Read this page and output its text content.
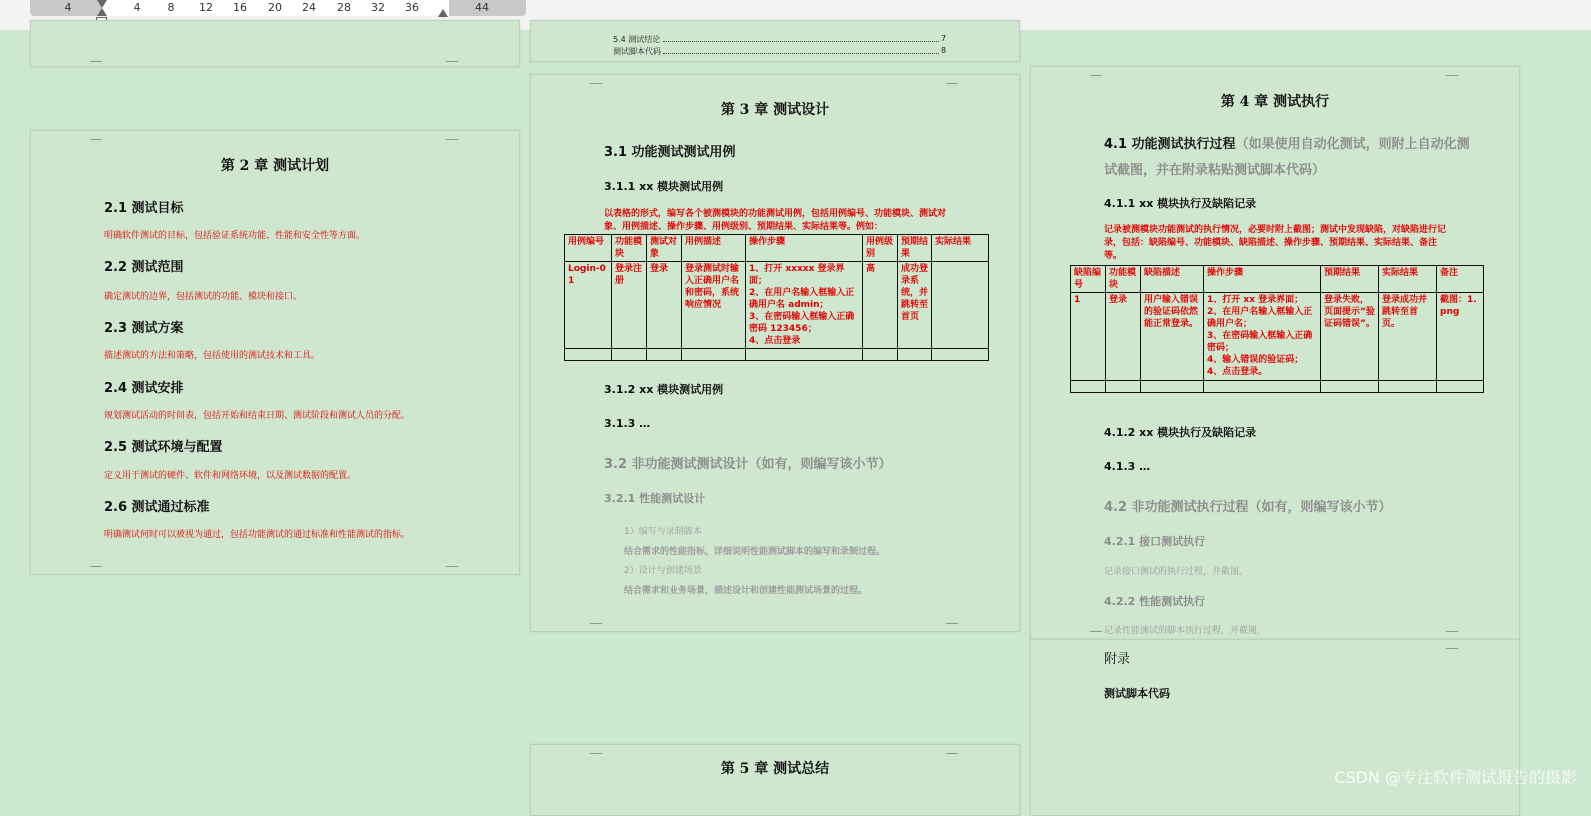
4	4 8 12 16 20 24 28 32 36	44
5.4 测试结论	7
测试脚本代码	8
第 2 章 测试计划
2.1 测试目标
明确软件测试的目标，包括验证系统功能、性能和安全性等方面。
2.2 测试范围
确定测试的边界，包括测试的功能、模块和接口。
2.3 测试方案
描述测试的方法和策略，包括使用的测试技术和工具。
2.4 测试安排
规划测试活动的时间表，包括开始和结束日期、测试阶段和测试人员的分配。
2.5 测试环境与配置
定义用于测试的硬件、软件和网络环境，以及测试数据的配置。
2.6 测试通过标准
明确测试何时可以被视为通过，包括功能测试的通过标准和性能测试的指标。
第 3 章 测试设计
3.1 功能测试测试用例
3.1.1 xx 模块测试用例
以表格的形式，编写各个被测模块的功能测试用例，包括用例编号、功能模块、测试对象、用例描述、操作步骤、用例级别、预期结果、实际结果等。例如：
用例编号	功能模块	测试对象	用例描述	操作步骤	用例级别	预期结果	实际结果
Login-01	登录注册	登录	登录测试时输入正确用户名和密码，系统响应情况	1、打开 xxxxx 登录界面；
2、在用户名输入框输入正确用户名 admin；
3、在密码输入框输入正确密码 123456；
4、点击登录	高	成功登录系统，并跳转至首页	

3.1.2 xx 模块测试用例
3.1.3 …
3.2 非功能测试测试设计（如有，则编写该小节）
3.2.1 性能测试设计
1）编写与录制脚本
结合需求的性能指标，详细说明性能测试脚本的编写和录制过程。
2）设计与创建场景
结合需求和业务场景，描述设计和创建性能测试场景的过程。
第 4 章 测试执行
4.1 功能测试执行过程（如果使用自动化测试，则附上自动化测
试截图，并在附录粘贴测试脚本代码）
4.1.1 xx 模块执行及缺陷记录
记录被测模块功能测试的执行情况，必要时附上截图；测试中发现缺陷，对缺陷进行记录，包括：缺陷编号、功能模块、缺陷描述、操作步骤、预期结果、实际结果、备注等。
缺陷编号	功能模块	缺陷描述	操作步骤	预期结果	实际结果	备注
1	登录	用户输入错误的验证码依然能正常登录。	1、打开 xx 登录界面；
2、在用户名输入框输入正确用户名；
3、在密码输入框输入正确密码；
4、输入错误的验证码；
4、点击登录。	登录失败，页面提示“验证码错误”。	登录成功并跳转至首页。	截图：1.png

4.1.2 xx 模块执行及缺陷记录
4.1.3 …
4.2 非功能测试执行过程（如有，则编写该小节）
4.2.1 接口测试执行
记录接口测试的执行过程，并截图。
4.2.2 性能测试执行
记录性能测试的脚本执行过程，并截图。
附录
测试脚本代码
第 5 章 测试总结	CSDN @专注软件测试报告的摄影
